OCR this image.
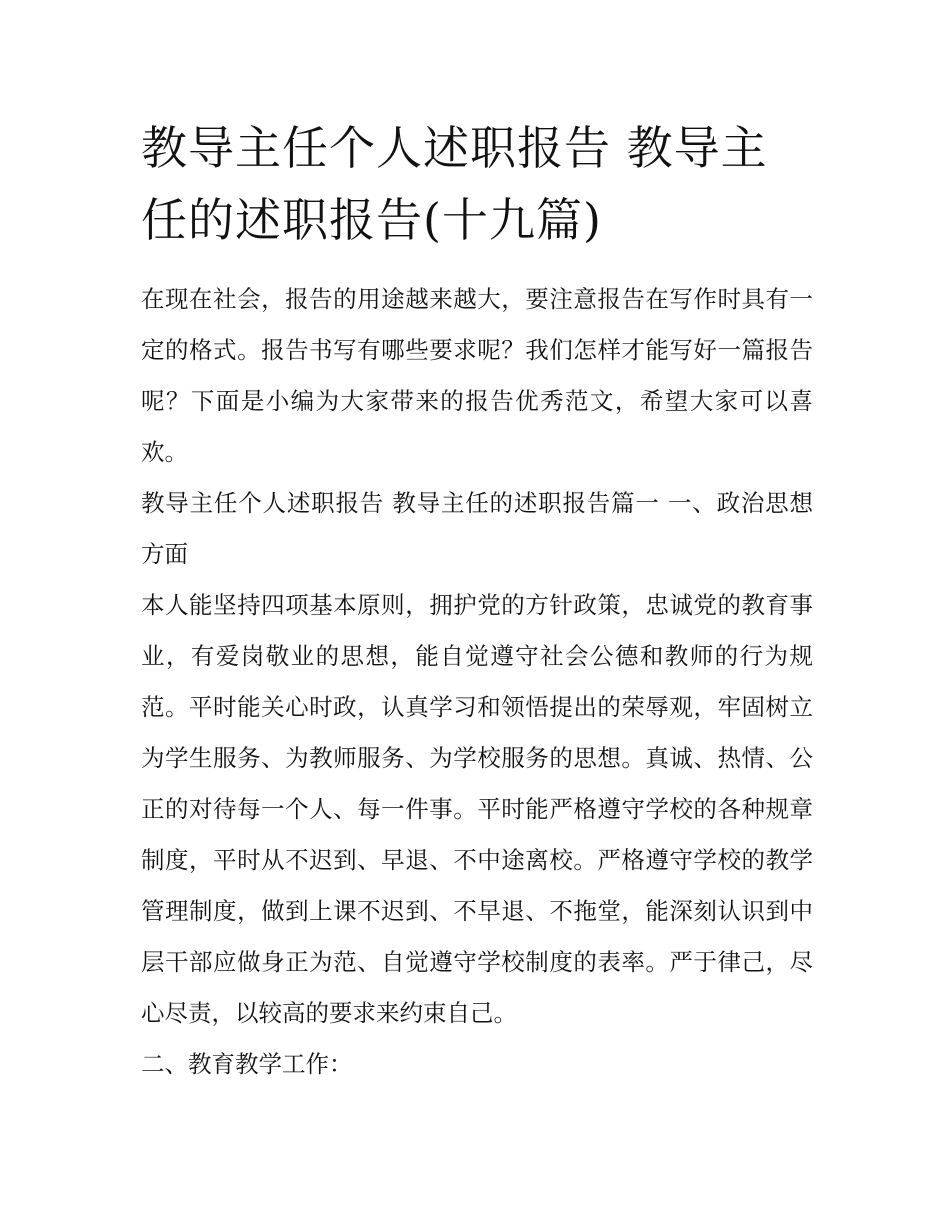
教导主任个人述职报告 教导主任的述职报告(十九篇)

在现在社会，报告的用途越来越大，要注意报告在写作时具有一定的格式。报告书写有哪些要求呢？我们怎样才能写好一篇报告呢？下面是小编为大家带来的报告优秀范文，希望大家可以喜欢。

教导主任个人述职报告 教导主任的述职报告篇一 一、政治思想方面

本人能坚持四项基本原则，拥护党的方针政策，忠诚党的教育事业，有爱岗敬业的思想，能自觉遵守社会公德和教师的行为规范。平时能关心时政，认真学习和领悟提出的荣辱观，牢固树立为学生服务、为教师服务、为学校服务的思想。真诚、热情、公正的对待每一个人、每一件事。平时能严格遵守学校的各种规章制度，平时从不迟到、早退、不中途离校。严格遵守学校的教学管理制度，做到上课不迟到、不早退、不拖堂，能深刻认识到中层干部应做身正为范、自觉遵守学校制度的表率。严于律己，尽心尽责，以较高的要求来约束自己。

二、教育教学工作：
